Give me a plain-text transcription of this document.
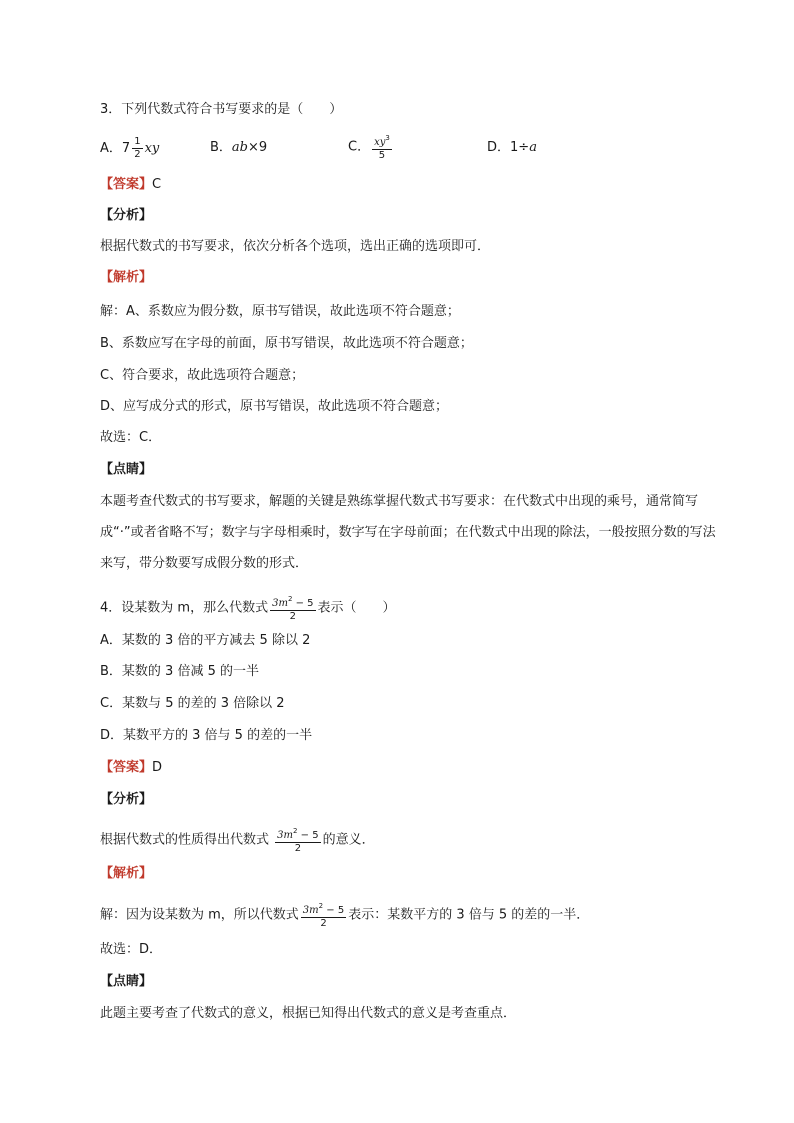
3．下列代数式符合书写要求的是（　　）
A．$7 \frac{1}{2}$ xy	B．ab×9	C． $\frac{xy^3}{5}$	D．1÷a
【答案】C
【分析】
根据代数式的书写要求，依次分析各个选项，选出正确的选项即可．
【解析】
解：A、系数应为假分数，原书写错误，故此选项不符合题意；
B、系数应写在字母的前面，原书写错误，故此选项不符合题意；
C、符合要求，故此选项符合题意；
D、应写成分式的形式，原书写错误，故此选项不符合题意；
故选：C．
【点睛】
本题考查代数式的书写要求，解题的关键是熟练掌握代数式书写要求：在代数式中出现的乘号，通常简写成“·”或者省略不写；数字与字母相乘时，数字写在字母前面；在代数式中出现的除法，一般按照分数的写法来写，带分数要写成假分数的形式．
4．设某数为 m，那么代数式 $\frac{3m^2 - 5}{2}$ 表示（　　）
A．某数的 3 倍的平方减去 5 除以 2
B．某数的 3 倍减 5 的一半
C．某数与 5 的差的 3 倍除以 2
D．某数平方的 3 倍与 5 的差的一半
【答案】D
【分析】
根据代数式的性质得出代数式 $\frac{3m^2 - 5}{2}$ 的意义．
【解析】
解：因为设某数为 m，所以代数式 $\frac{3m^2 - 5}{2}$ 表示：某数平方的 3 倍与 5 的差的一半．
故选：D．
【点睛】
此题主要考查了代数式的意义，根据已知得出代数式的意义是考查重点．
